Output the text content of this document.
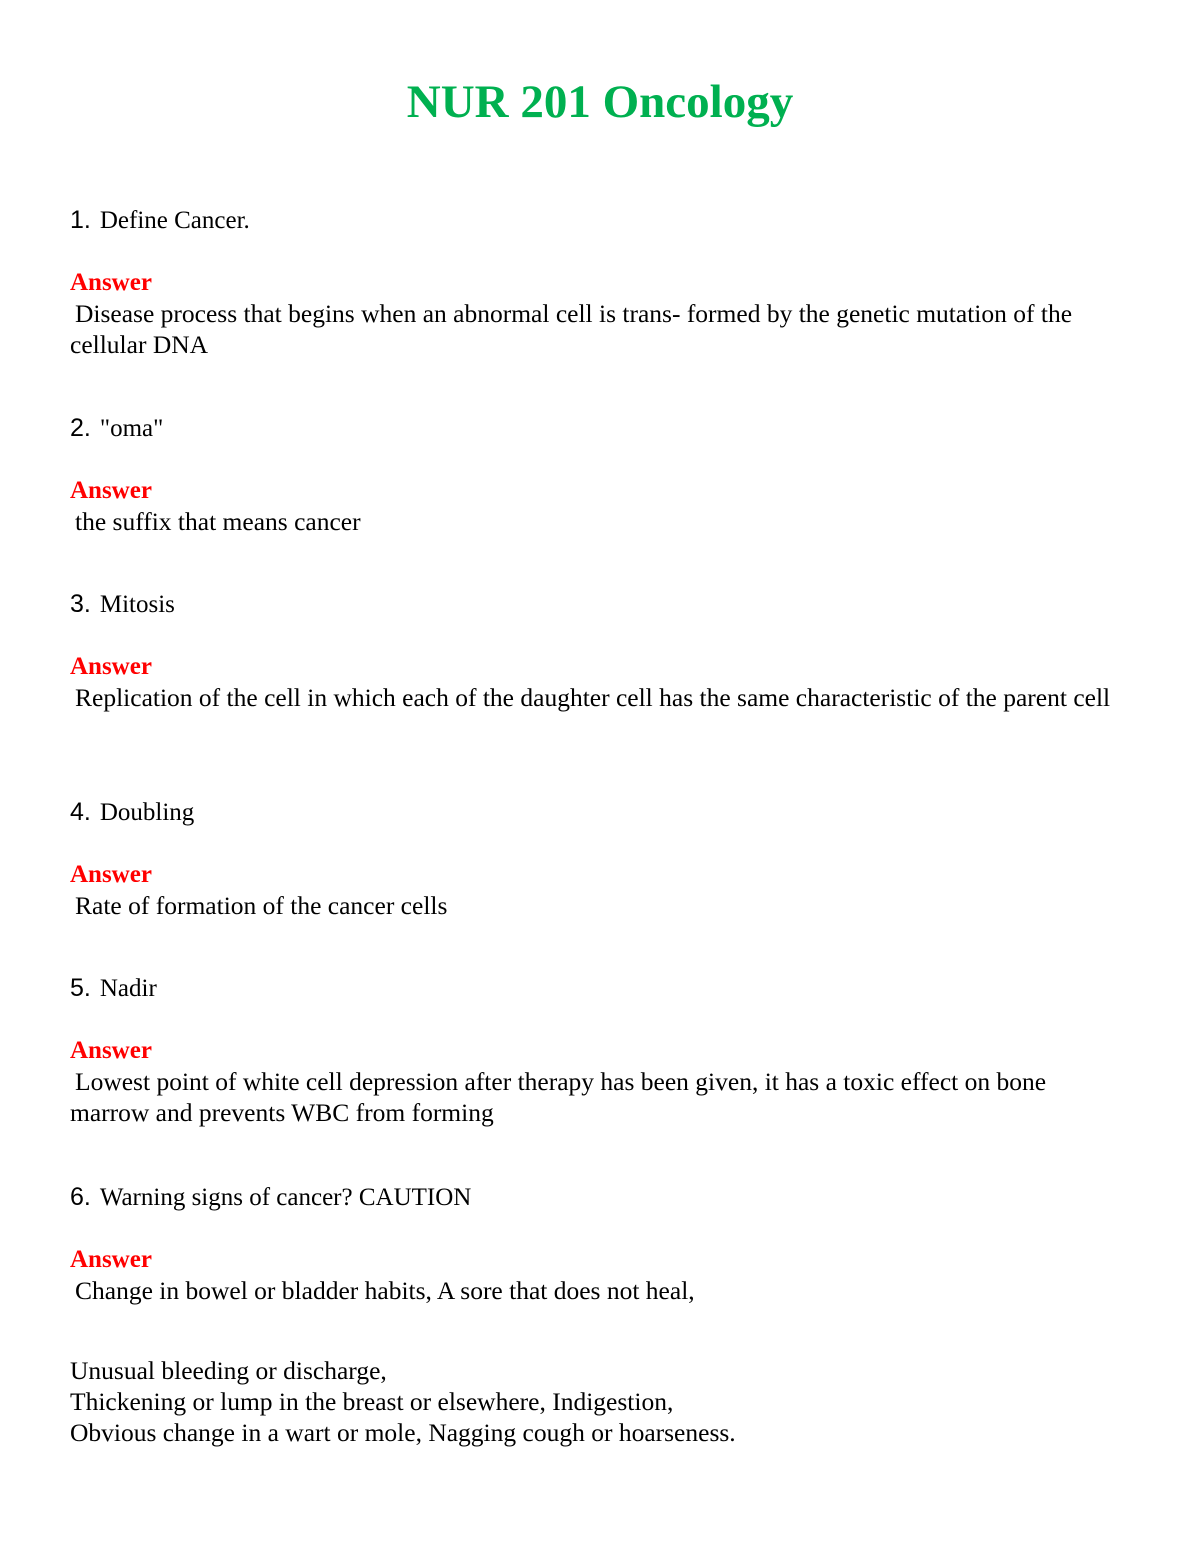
NUR 201 Oncology

1. Define Cancer.

Answer

Disease process that begins when an abnormal cell is trans- formed by the genetic mutation of the cellular DNA

2. "oma"

Answer

the suffix that means cancer

3. Mitosis

Answer

Replication of the cell in which each of the daughter cell has the same characteristic of the parent cell

4. Doubling

Answer

Rate of formation of the cancer cells

5. Nadir

Answer

Lowest point of white cell depression after therapy has been given, it has a toxic effect on bone marrow and prevents WBC from forming

6. Warning signs of cancer? CAUTION

Answer

Change in bowel or bladder habits, A sore that does not heal,

Unusual bleeding or discharge,
Thickening or lump in the breast or elsewhere, Indigestion,
Obvious change in a wart or mole, Nagging cough or hoarseness.
